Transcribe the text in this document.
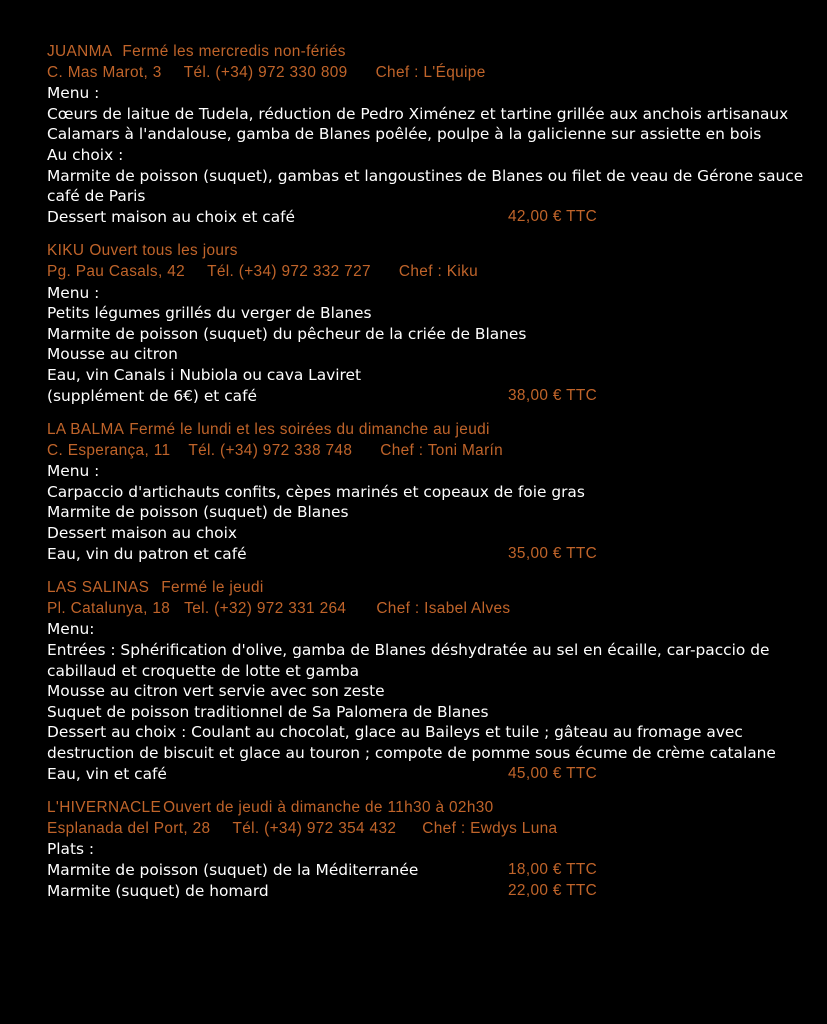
JUANMA Fermé les mercredis non-fériés
C. Mas Marot, 3 Tél. (+34) 972 330 809 Chef : L'Équipe
Menu :
Cœurs de laitue de Tudela, réduction de Pedro Ximénez et tartine grillée aux anchois artisanaux
Calamars à l'andalouse, gamba de Blanes poêlée, poulpe à la galicienne sur assiette en bois
Au choix :
Marmite de poisson (suquet), gambas et langoustines de Blanes ou filet de veau de Gérone sauce café de Paris
Dessert maison au choix et café	42,00 € TTC
KIKU Ouvert tous les jours
Pg. Pau Casals, 42 Tél. (+34) 972 332 727 Chef : Kiku
Menu :
Petits légumes grillés du verger de Blanes
Marmite de poisson (suquet) du pêcheur de la criée de Blanes
Mousse au citron
Eau, vin Canals i Nubiola ou cava Laviret
(supplément de 6€) et café	38,00 € TTC
LA BALMA Fermé le lundi et les soirées du dimanche au jeudi
C. Esperança, 11 Tél. (+34) 972 338 748 Chef : Toni Marín
Menu :
Carpaccio d'artichauts confits, cèpes marinés et copeaux de foie gras
Marmite de poisson (suquet) de Blanes
Dessert maison au choix
Eau, vin du patron et café	35,00 € TTC
LAS SALINAS Fermé le jeudi
Pl. Catalunya, 18 Tel. (+32) 972 331 264 Chef : Isabel Alves
Menu:
Entrées : Sphérification d'olive, gamba de Blanes déshydratée au sel en écaille, car-paccio de cabillaud et croquette de lotte et gamba
Mousse au citron vert servie avec son zeste
Suquet de poisson traditionnel de Sa Palomera de Blanes
Dessert au choix : Coulant au chocolat, glace au Baileys et tuile ; gâteau au fromage avec destruction de biscuit et glace au touron ; compote de pomme sous écume de crème catalane
Eau, vin et café	45,00 € TTC
L'HIVERNACLE Ouvert de jeudi à dimanche de 11h30 à 02h30
Esplanada del Port, 28 Tél. (+34) 972 354 432 Chef : Ewdys Luna
Plats :
Marmite de poisson (suquet) de la Méditerranée	18,00 € TTC
Marmite (suquet) de homard	22,00 € TTC
